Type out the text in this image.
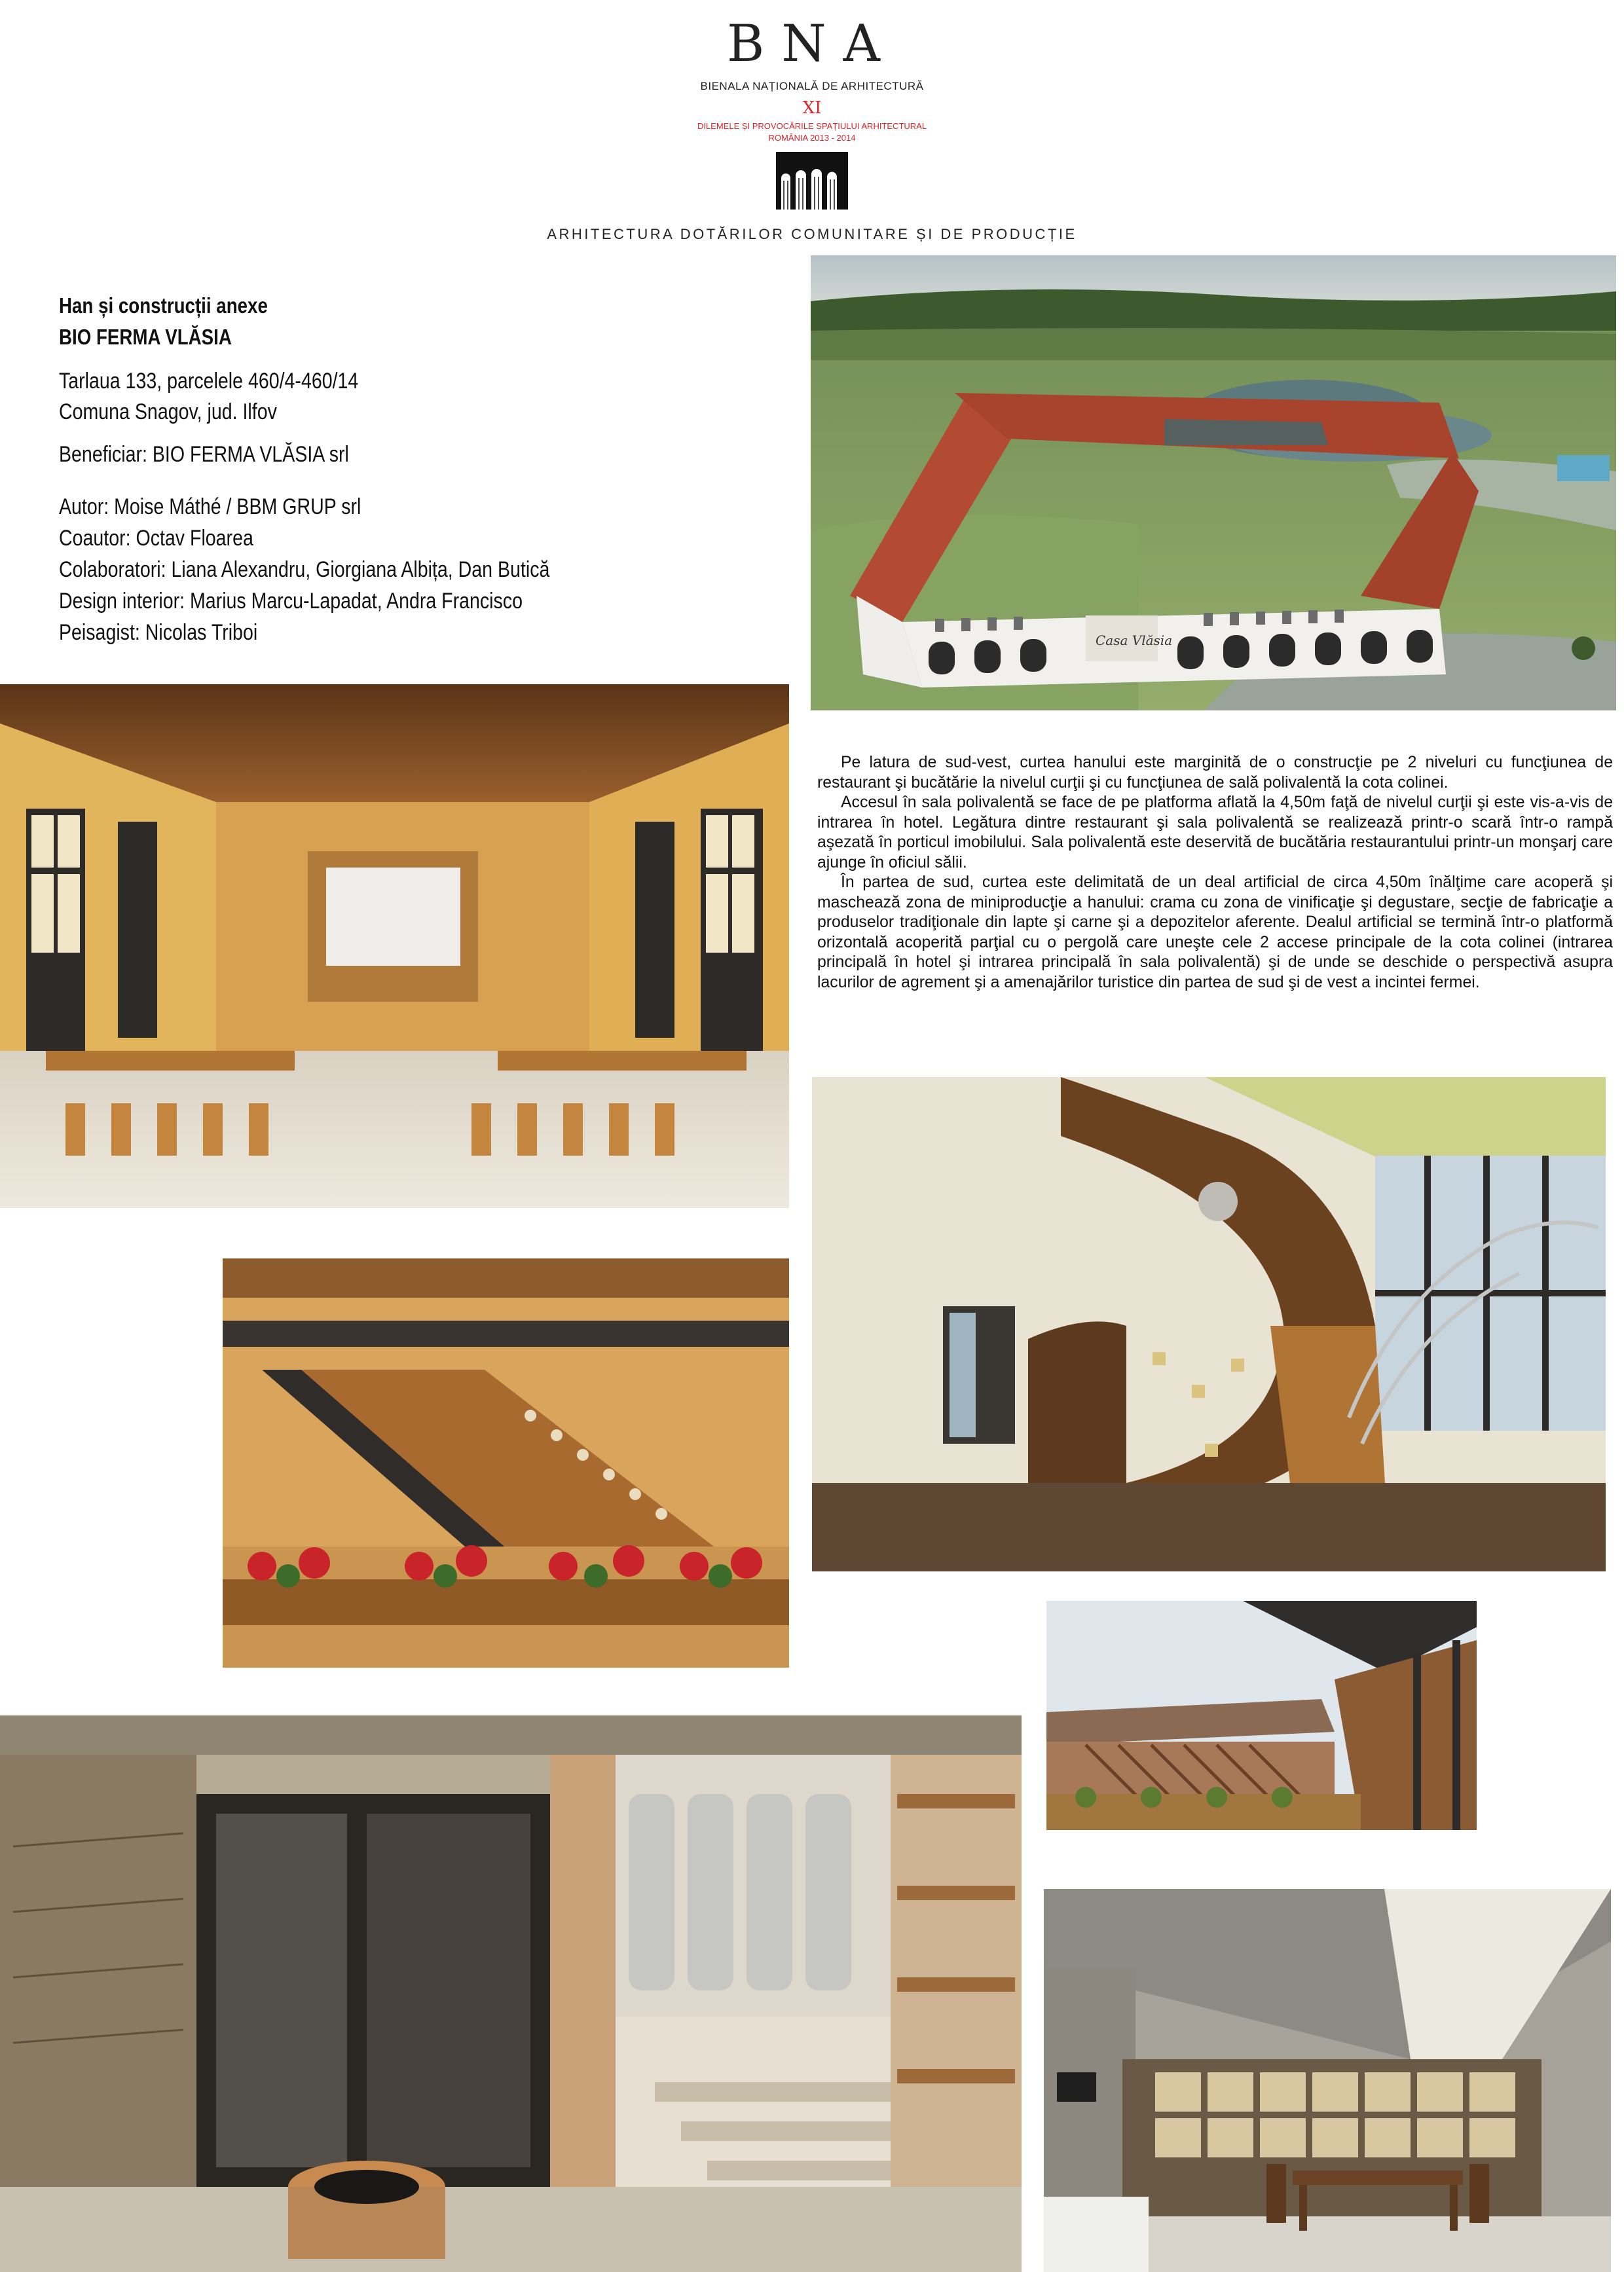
BNA
BIENALA NAȚIONALĂ DE ARHITECTURĂ
XI
DILEMELE ȘI PROVOCĂRILE SPAȚIULUI ARHITECTURAL
ROMÂNIA 2013 - 2014
ARHITECTURA DOTĂRILOR COMUNITARE ȘI DE PRODUCȚIE
Han și construcții anexe
BIO FERMA VLĂSIA
Tarlaua 133, parcelele 460/4-460/14
Comuna Snagov, jud. Ilfov
Beneficiar: BIO FERMA VLĂSIA srl
Autor: Moise Máthé / BBM GRUP srl
Coautor: Octav Floarea
Colaboratori: Liana Alexandru, Giorgiana Albița, Dan Butică
Design interior: Marius Marcu-Lapadat, Andra Francisco
Peisagist: Nicolas Triboi

Pe latura de sud-vest, curtea hanului este marginită de o construcţie pe 2 niveluri cu funcţiunea de restaurant şi bucătărie la nivelul curţii şi cu funcţiunea de sală polivalentă la cota colinei.

Accesul în sala polivalentă se face de pe platforma aflată la 4,50m faţă de nivelul curţii şi este vis-a-vis de intrarea în hotel. Legătura dintre restaurant şi sala polivalentă se realizează printr-o scară într-o rampă aşezată în porticul imobilului. Sala polivalentă este deservită de bucătăria restaurantului printr-un monşarj care ajunge în oficiul sălii.

În partea de sud, curtea este delimitată de un deal artificial de circa 4,50m înălţime care acoperă şi maschează zona de miniproducţie a hanului: crama cu zona de vinificaţie şi degustare, secţie de fabricaţie a produselor tradiţionale din lapte şi carne şi a depozitelor aferente. Dealul artificial se termină într-o platformă orizontală acoperită parţial cu o pergolă care uneşte cele 2 accese principale de la cota colinei (intrarea principală în hotel şi intrarea principală în sala polivalentă) şi de unde se deschide o perspectivă asupra lacurilor de agrement şi a amenajărilor turistice din partea de sud şi de vest a incintei fermei.

Casa Vlăsia
